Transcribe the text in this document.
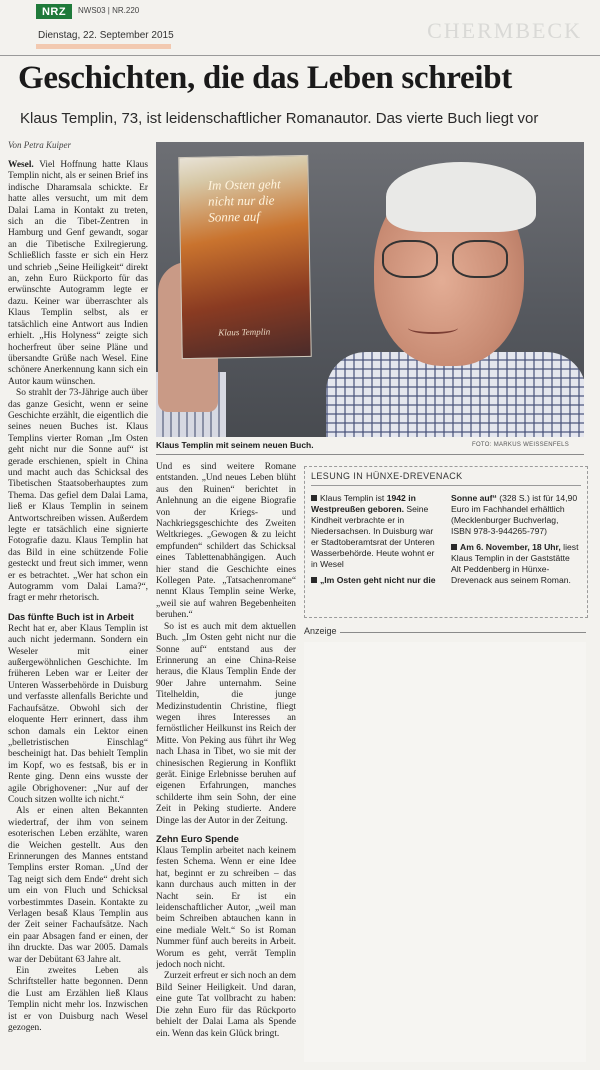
NRZ	NWS03 | NR.220
Dienstag, 22. September 2015	CHERMBECK
Geschichten, die das Leben schreibt
Klaus Templin, 73, ist leidenschaftlicher Romanautor. Das vierte Buch liegt vor
Von Petra Kuiper

Wesel. Viel Hoffnung hatte Klaus Templin nicht, als er seinen Brief ins indische Dharamsala schickte. Er hatte alles versucht, um mit dem Dalai Lama in Kontakt zu treten, sich an die Tibet-Zentren in Hamburg und Genf gewandt, sogar an die Tibetische Exilregierung. Schließlich fasste er sich ein Herz und schrieb „Seine Heiligkeit“ direkt an, zehn Euro Rückporto für das erwünschte Autogramm legte er dazu. Keiner war überraschter als Klaus Templin selbst, als er tatsächlich eine Antwort aus Indien erhielt. „His Holyness“ zeigte sich hocherfreut über seine Pläne und übersandte Grüße nach Wesel. Eine schönere Anerkennung kann sich ein Autor kaum wünschen.

So strahlt der 73-Jährige auch über das ganze Gesicht, wenn er seine Geschichte erzählt, die eigentlich die seines neuen Buches ist. Klaus Templins vierter Roman „Im Osten geht nicht nur die Sonne auf“ ist gerade erschienen, spielt in China und macht auch das Schicksal des Tibetischen Staatsoberhauptes zum Thema. Das gefiel dem Dalai Lama, ließ er Klaus Templin in seinem Antwortschreiben wissen. Außerdem legte er tatsächlich eine signierte Fotografie dazu. Klaus Templin hat das Bild in eine schützende Folie gesteckt und freut sich immer, wenn er es betrachtet. „Wer hat schon ein Autogramm vom Dalai Lama?“, fragt er mehr rhetorisch.

Das fünfte Buch ist in Arbeit

Recht hat er, aber Klaus Templin ist auch nicht jedermann. Sondern ein Weseler mit einer außergewöhnlichen Geschichte. Im früheren Leben war er Leiter der Unteren Wasserbehörde in Duisburg und verfasste allenfalls Berichte und Fachaufsätze. Obwohl sich der eloquente Herr erinnert, dass ihm schon damals ein Lektor einen „belletristischen Einschlag“ bescheinigt hat. Das behielt Templin im Kopf, wo es festsaß, bis er in Rente ging. Denn eins wusste der agile Obrighovener: „Nur auf der Couch sitzen wollte ich nicht.“

Als er einen alten Bekannten wiedertraf, der ihm von seinem esoterischen Leben erzählte, waren die Weichen gestellt. Aus den Erinnerungen des Mannes entstand Templins erster Roman. „Und der Tag neigt sich dem Ende“ dreht sich um ein von Fluch und Schicksal vorbestimmtes Dasein. Kontakte zu Verlagen besaß Klaus Templin aus der Zeit seiner Fachaufsätze. Nach ein paar Absagen fand er einen, der ihn druckte. Das war 2005. Damals war der Debütant 63 Jahre alt.

Ein zweites Leben als Schriftsteller hatte begonnen. Denn die Lust am Erzählen ließ Klaus Templin nicht mehr los. Inzwischen ist er von Duisburg nach Wesel gezogen.

Im Osten geht nicht nur die Sonne auf
Klaus Templin
Klaus Templin mit seinem neuen Buch.	FOTO: MARKUS WEISSENFELS

Und es sind weitere Romane entstanden. „Und neues Leben blüht aus den Ruinen“ berichtet in Anlehnung an die eigene Biografie von der Kriegs- und Nachkriegsgeschichte des Zweiten Weltkrieges. „Gewogen & zu leicht empfunden“ schildert das Schicksal eines Tablettenabhängigen. Auch hier stand die Geschichte eines Kollegen Pate. „Tatsachenromane“ nennt Klaus Templin seine Werke, „weil sie auf wahren Begebenheiten beruhen.“

So ist es auch mit dem aktuellen Buch. „Im Osten geht nicht nur die Sonne auf“ entstand aus der Erinnerung an eine China-Reise heraus, die Klaus Templin Ende der 90er Jahre unternahm. Seine Titelheldin, die junge Medizinstudentin Christine, fliegt wegen ihres Interesses an fernöstlicher Heilkunst ins Reich der Mitte. Von Peking aus führt ihr Weg nach Lhasa in Tibet, wo sie mit der chinesischen Regierung in Konflikt gerät. Einige Erlebnisse beruhen auf eigenen Erfahrungen, manches schilderte ihm sein Sohn, der eine Zeit in Peking studierte. Andere Dinge las der Autor in der Zeitung.

Zehn Euro Spende

Klaus Templin arbeitet nach keinem festen Schema. Wenn er eine Idee hat, beginnt er zu schreiben – das kann durchaus auch mitten in der Nacht sein. Er ist ein leidenschaftlicher Autor, „weil man beim Schreiben abtauchen kann in eine mediale Welt.“ So ist Roman Nummer fünf auch bereits in Arbeit. Worum es geht, verrät Templin jedoch noch nicht.

Zurzeit erfreut er sich noch an dem Bild Seiner Heiligkeit. Und daran, eine gute Tat vollbracht zu haben: Die zehn Euro für das Rückporto behielt der Dalai Lama als Spende ein. Wenn das kein Glück bringt.

LESUNG IN HÜNXE-DREVENACK

Klaus Templin ist 1942 in Westpreußen geboren. Seine Kindheit verbrachte er in Niedersachsen. In Duisburg war er Stadtoberamtsrat der Unteren Wasserbehörde. Heute wohnt er in Wesel

„Im Osten geht nicht nur die

Sonne auf“ (328 S.) ist für 14,90 Euro im Fachhandel erhältlich (Mecklenburger Buchverlag, ISBN 978-3-944265-797)

Am 6. November, 18 Uhr, liest Klaus Templin in der Gaststätte Alt Peddenberg in Hünxe-Drevenack aus seinem Roman.

Anzeige
